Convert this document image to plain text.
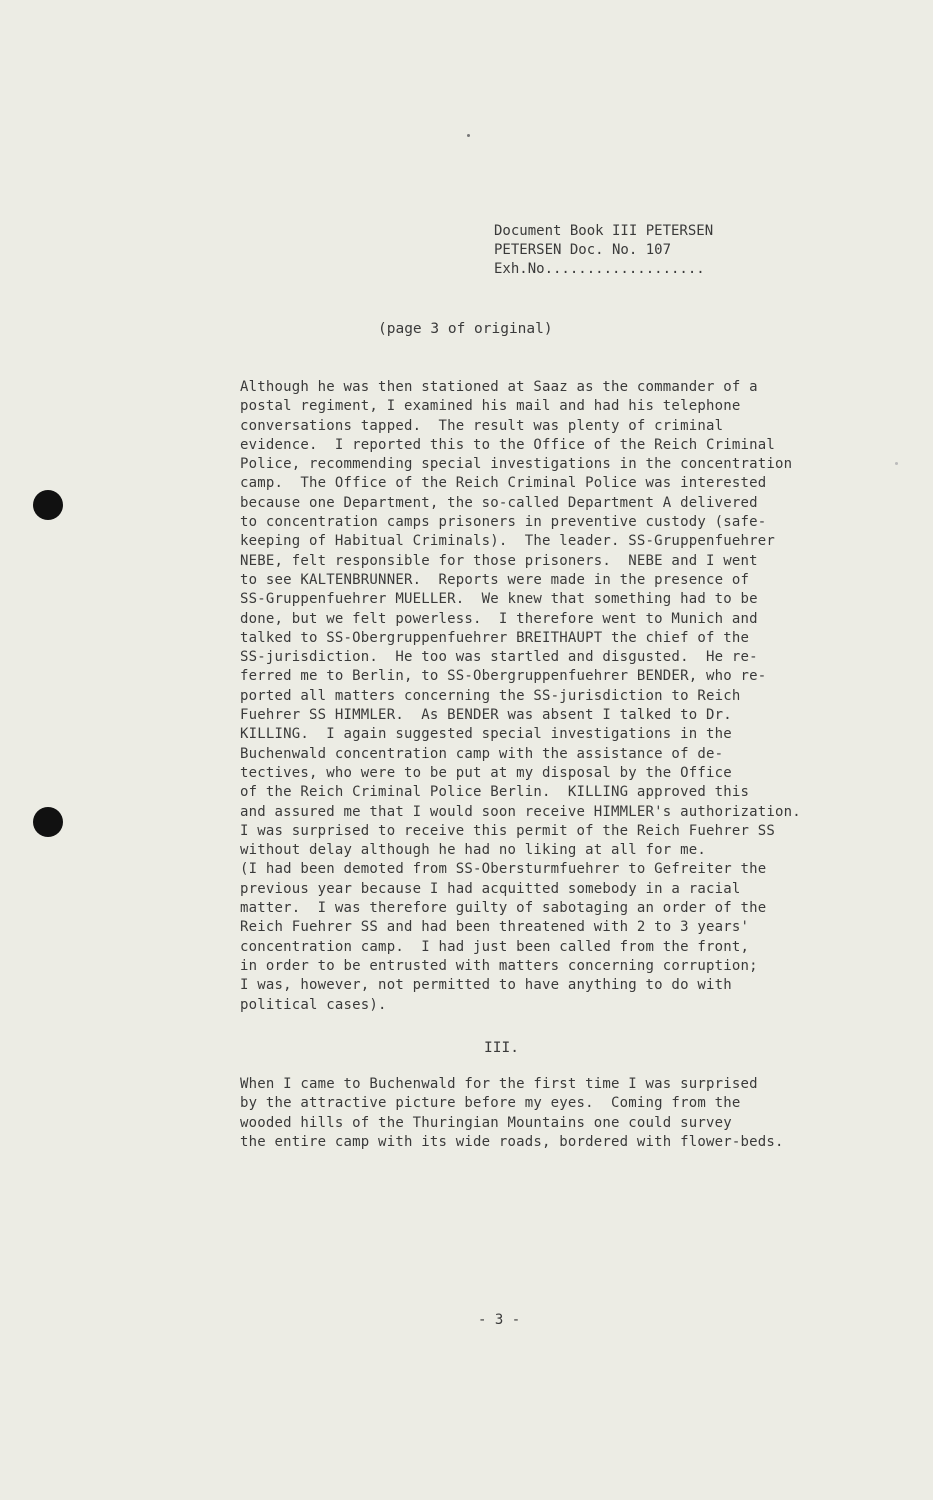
Document Book III PETERSEN
PETERSEN Doc. No. 107
Exh.No...................
(page 3 of original)
Although he was then stationed at Saaz as the commander of a
postal regiment, I examined his mail and had his telephone
conversations tapped.  The result was plenty of criminal
evidence.  I reported this to the Office of the Reich Criminal
Police, recommending special investigations in the concentration
camp.  The Office of the Reich Criminal Police was interested
because one Department, the so-called Department A delivered
to concentration camps prisoners in preventive custody (safe-
keeping of Habitual Criminals).  The leader. SS-Gruppenfuehrer
NEBE, felt responsible for those prisoners.  NEBE and I went
to see KALTENBRUNNER.  Reports were made in the presence of
SS-Gruppenfuehrer MUELLER.  We knew that something had to be
done, but we felt powerless.  I therefore went to Munich and
talked to SS-Obergruppenfuehrer BREITHAUPT the chief of the
SS-jurisdiction.  He too was startled and disgusted.  He re-
ferred me to Berlin, to SS-Obergruppenfuehrer BENDER, who re-
ported all matters concerning the SS-jurisdiction to Reich
Fuehrer SS HIMMLER.  As BENDER was absent I talked to Dr.
KILLING.  I again suggested special investigations in the
Buchenwald concentration camp with the assistance of de-
tectives, who were to be put at my disposal by the Office
of the Reich Criminal Police Berlin.  KILLING approved this
and assured me that I would soon receive HIMMLER's authorization.
I was surprised to receive this permit of the Reich Fuehrer SS
without delay although he had no liking at all for me.
(I had been demoted from SS-Obersturmfuehrer to Gefreiter the
previous year because I had acquitted somebody in a racial
matter.  I was therefore guilty of sabotaging an order of the
Reich Fuehrer SS and had been threatened with 2 to 3 years'
concentration camp.  I had just been called from the front,
in order to be entrusted with matters concerning corruption;
I was, however, not permitted to have anything to do with
political cases).
III.
When I came to Buchenwald for the first time I was surprised
by the attractive picture before my eyes.  Coming from the
wooded hills of the Thuringian Mountains one could survey
the entire camp with its wide roads, bordered with flower-beds.
- 3 -
